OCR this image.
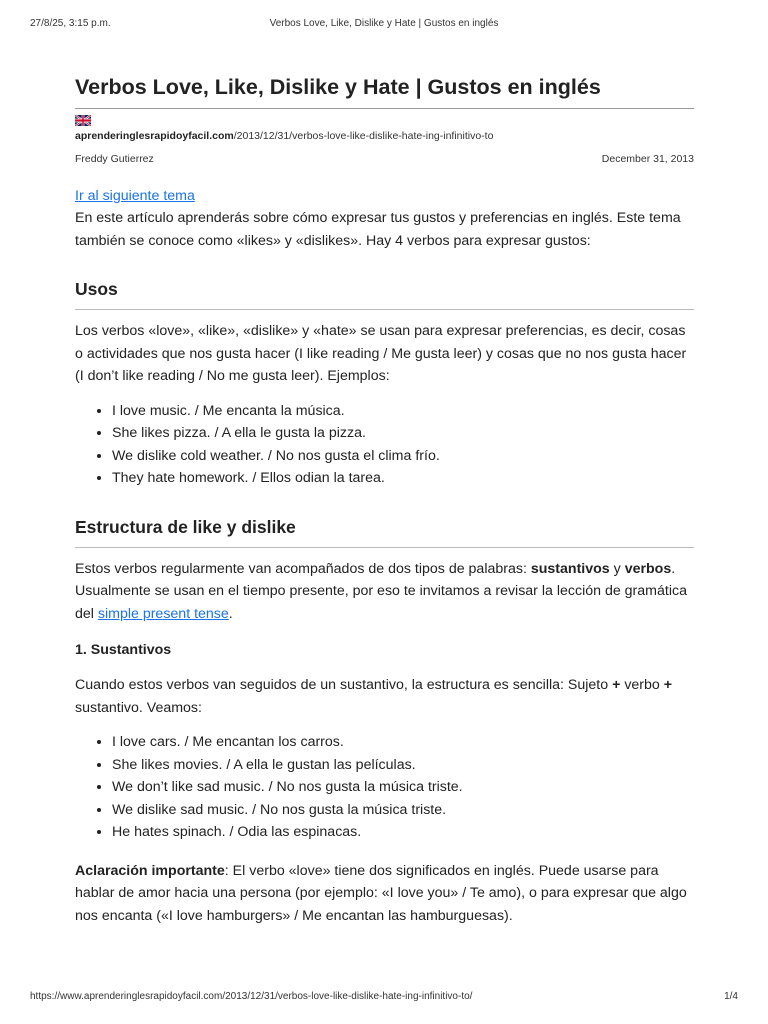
27/8/25, 3:15 p.m.	Verbos Love, Like, Dislike y Hate | Gustos en inglés
Verbos Love, Like, Dislike y Hate | Gustos en inglés
aprenderinglesrapidoyfacil.com/2013/12/31/verbos-love-like-dislike-hate-ing-infinitivo-to
Freddy Gutierrez	December 31, 2013
Ir al siguiente tema

En este artículo aprenderás sobre cómo expresar tus gustos y preferencias en inglés. Este tema también se conoce como «likes» y «dislikes». Hay 4 verbos para expresar gustos:

Usos

Los verbos «love», «like», «dislike» y «hate» se usan para expresar preferencias, es decir, cosas o actividades que nos gusta hacer (I like reading / Me gusta leer) y cosas que no nos gusta hacer (I don’t like reading / No me gusta leer). Ejemplos:

• I love music. / Me encanta la música.
• She likes pizza. / A ella le gusta la pizza.
• We dislike cold weather. / No nos gusta el clima frío.
• They hate homework. / Ellos odian la tarea.
Estructura de like y dislike

Estos verbos regularmente van acompañados de dos tipos de palabras: sustantivos y verbos. Usualmente se usan en el tiempo presente, por eso te invitamos a revisar la lección de gramática del simple present tense.

1. Sustantivos

Cuando estos verbos van seguidos de un sustantivo, la estructura es sencilla: Sujeto + verbo + sustantivo. Veamos:

• I love cars. / Me encantan los carros.
• She likes movies. / A ella le gustan las películas.
• We don’t like sad music. / No nos gusta la música triste.
• We dislike sad music. / No nos gusta la música triste.
• He hates spinach. / Odia las espinacas.

Aclaración importante: El verbo «love» tiene dos significados en inglés. Puede usarse para hablar de amor hacia una persona (por ejemplo: «I love you» / Te amo), o para expresar que algo nos encanta («I love hamburgers» / Me encantan las hamburguesas).

https://www.aprenderinglesrapidoyfacil.com/2013/12/31/verbos-love-like-dislike-hate-ing-infinitivo-to/	1/4
